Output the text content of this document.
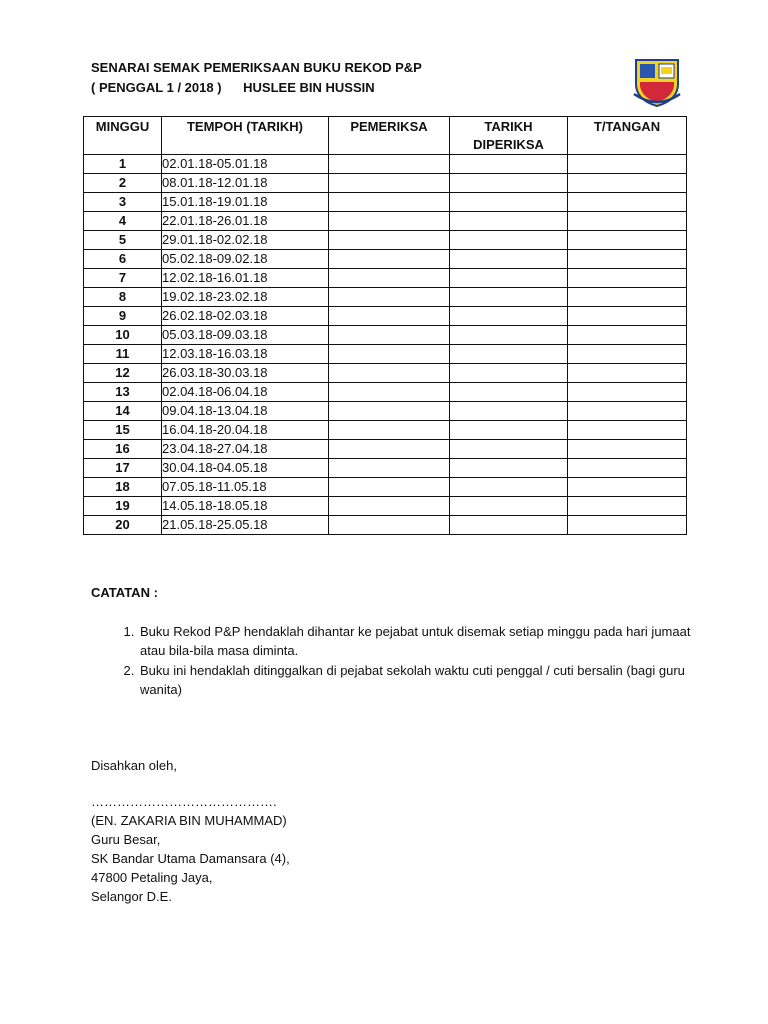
SENARAI SEMAK PEMERIKSAAN BUKU REKOD P&P
( PENGGAL 1 / 2018 ) HUSLEE BIN HUSSIN
MINGGU	TEMPOH (TARIKH)	PEMERIKSA	TARIKH DIPERIKSA	T/TANGAN
1	02.01.18-05.01.18			
2	08.01.18-12.01.18			
3	15.01.18-19.01.18			
4	22.01.18-26.01.18			
5	29.01.18-02.02.18			
6	05.02.18-09.02.18			
7	12.02.18-16.01.18			
8	19.02.18-23.02.18			
9	26.02.18-02.03.18			
10	05.03.18-09.03.18			
11	12.03.18-16.03.18			
12	26.03.18-30.03.18			
13	02.04.18-06.04.18			
14	09.04.18-13.04.18			
15	16.04.18-20.04.18			
16	23.04.18-27.04.18			
17	30.04.18-04.05.18			
18	07.05.18-11.05.18			
19	14.05.18-18.05.18			
20	21.05.18-25.05.18			
CATATAN :
1. Buku Rekod P&P hendaklah dihantar ke pejabat untuk disemak setiap minggu pada hari jumaat atau bila-bila masa diminta.
2. Buku ini hendaklah ditinggalkan di pejabat sekolah waktu cuti penggal / cuti bersalin (bagi guru wanita)
Disahkan oleh,
…………………………………….
(EN. ZAKARIA BIN MUHAMMAD)
Guru Besar,
SK Bandar Utama Damansara (4),
47800 Petaling Jaya,
Selangor D.E.
